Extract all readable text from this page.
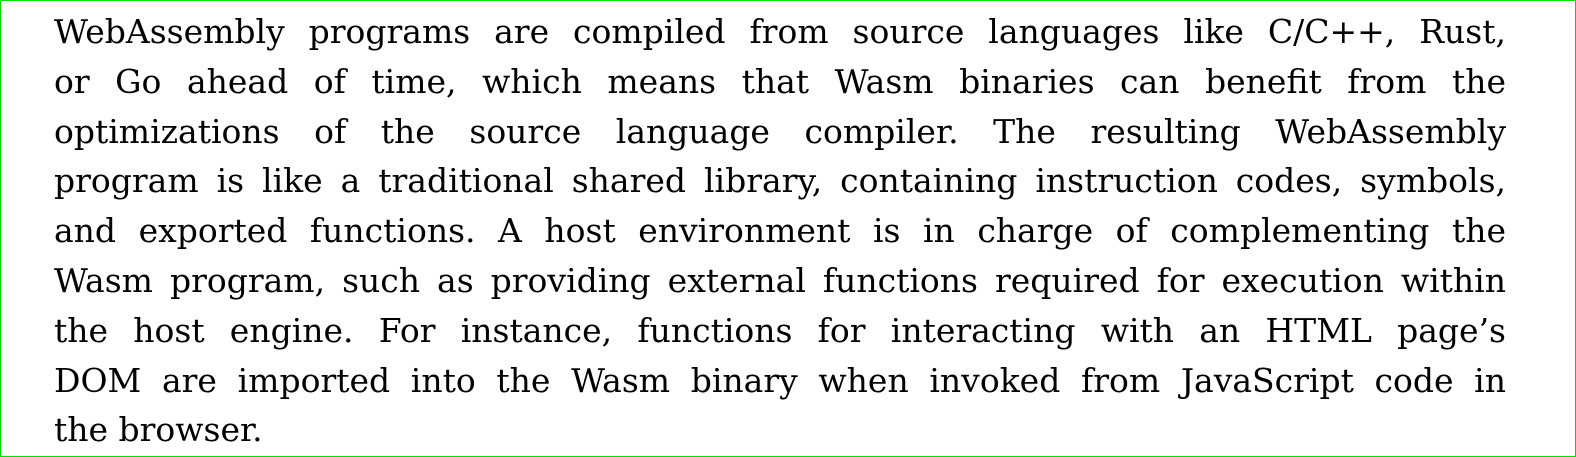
WebAssembly programs are compiled from source languages like C/C++, Rust,
or Go ahead of time, which means that Wasm binaries can benefit from the
optimizations of the source language compiler. The resulting WebAssembly
program is like a traditional shared library, containing instruction codes, symbols,
and exported functions. A host environment is in charge of complementing the
Wasm program, such as providing external functions required for execution within
the host engine. For instance, functions for interacting with an HTML page’s
DOM are imported into the Wasm binary when invoked from JavaScript code in
the browser.
